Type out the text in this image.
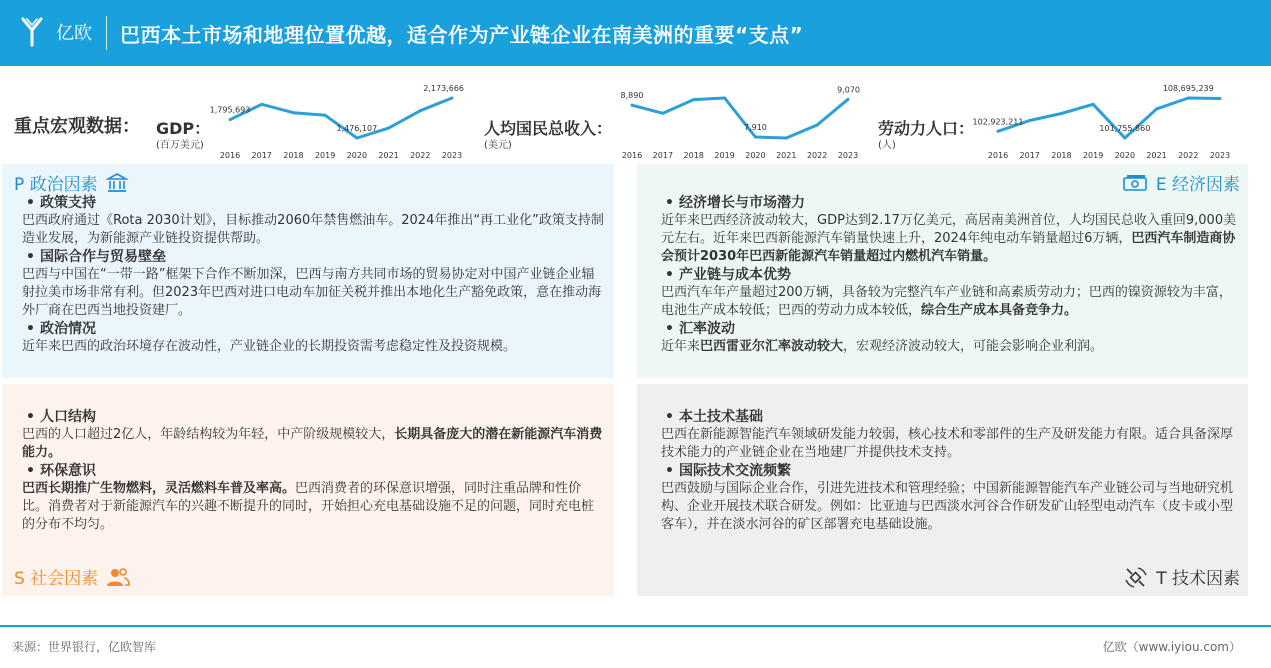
亿欧 巴西本土市场和地理位置优越，适合作为产业链企业在南美洲的重要“支点”
重点宏观数据： GDP：
(百万美元)
人均国民总收入：
(美元)
劳动力人口：
(人)
2016 2017 2018 2019 2020 2021 2022 2023
1,795,693
1,476,107
2,173,666
2016 2017 2018 2019 2020 2021 2022 2023
8,890
7,910
9,070
2016 2017 2018 2019 2020 2021 2022 2023
102,923,211
101,755,860
108,695,239
P 政治因素
• 政策支持
巴西政府通过《Rota 2030计划》，目标推动2060年禁售燃油车。2024年推出“再工业化”政策支持制造业发展，为新能源产业链投资提供帮助。
• 国际合作与贸易壁垒
巴西与中国在“一带一路”框架下合作不断加深，巴西与南方共同市场的贸易协定对中国产业链企业辐射拉美市场非常有利。但2023年巴西对进口电动车加征关税并推出本地化生产豁免政策，意在推动海外厂商在巴西当地投资建厂。
• 政治情况
近年来巴西的政治环境存在波动性，产业链企业的长期投资需考虑稳定性及投资规模。
E 经济因素
• 经济增长与市场潜力
近年来巴西经济波动较大，GDP达到2.17万亿美元，高居南美洲首位，人均国民总收入重回9,000美元左右。近年来巴西新能源汽车销量快速上升，2024年纯电动车销量超过6万辆，巴西汽车制造商协会预计2030年巴西新能源汽车销量超过内燃机汽车销量。
• 产业链与成本优势
巴西汽车年产量超过200万辆，具备较为完整汽车产业链和高素质劳动力；巴西的镍资源较为丰富，电池生产成本较低；巴西的劳动力成本较低，综合生产成本具备竞争力。
• 汇率波动
近年来巴西雷亚尔汇率波动较大，宏观经济波动较大，可能会影响企业利润。
• 人口结构
巴西的人口超过2亿人，年龄结构较为年轻，中产阶级规模较大，长期具备庞大的潜在新能源汽车消费能力。
• 环保意识
巴西长期推广生物燃料，灵活燃料车普及率高。巴西消费者的环保意识增强，同时注重品牌和性价比。消费者对于新能源汽车的兴趣不断提升的同时，开始担心充电基础设施不足的问题，同时充电桩的分布不均匀。
S 社会因素
• 本土技术基础
巴西在新能源智能汽车领域研发能力较弱，核心技术和零部件的生产及研发能力有限。适合具备深厚技术能力的产业链企业在当地建厂并提供技术支持。
• 国际技术交流频繁
巴西鼓励与国际企业合作，引进先进技术和管理经验；中国新能源智能汽车产业链公司与当地研究机构、企业开展技术联合研发。例如：比亚迪与巴西淡水河谷合作研发矿山轻型电动汽车（皮卡或小型客车），并在淡水河谷的矿区部署充电基础设施。
T 技术因素
来源：世界银行，亿欧智库	亿欧（www.iyiou.com）
